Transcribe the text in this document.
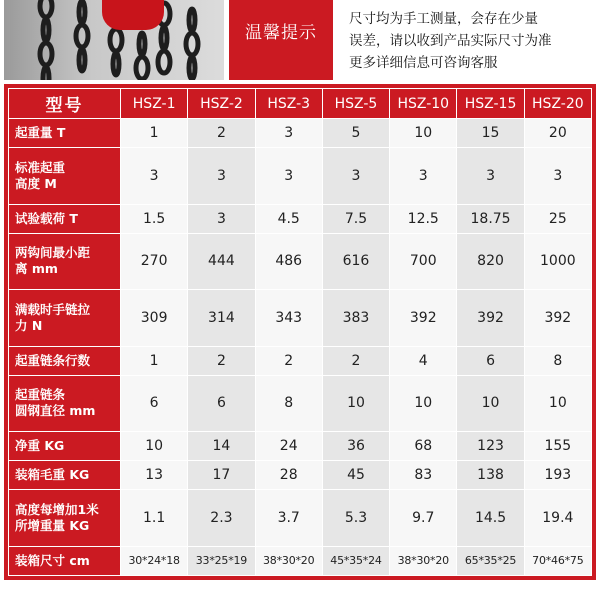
温馨提示
尺寸均为手工测量，会存在少量
误差，请以收到产品实际尺寸为准
更多详细信息可咨询客服
型号	HSZ-1	HSZ-2	HSZ-3	HSZ-5	HSZ-10	HSZ-15	HSZ-20

起重量 T	1	2	3	5	10	15	20

标准起重
高度 M	3	3	3	3	3	3	3

试验载荷 T	1.5	3	4.5	7.5	12.5	18.75	25

两钩间最小距
离 mm	270	444	486	616	700	820	1000

满载时手链拉
力 N	309	314	343	383	392	392	392

起重链条行数	1	2	2	2	4	6	8

起重链条
圆钢直径 mm	6	6	8	10	10	10	10

净重 KG	10	14	24	36	68	123	155

装箱毛重 KG	13	17	28	45	83	138	193

高度每增加1米
所增重量 KG	1.1	2.3	3.7	5.3	9.7	14.5	19.4

装箱尺寸 cm	30*24*18	33*25*19	38*30*20	45*35*24	38*30*20	65*35*25	70*46*75
